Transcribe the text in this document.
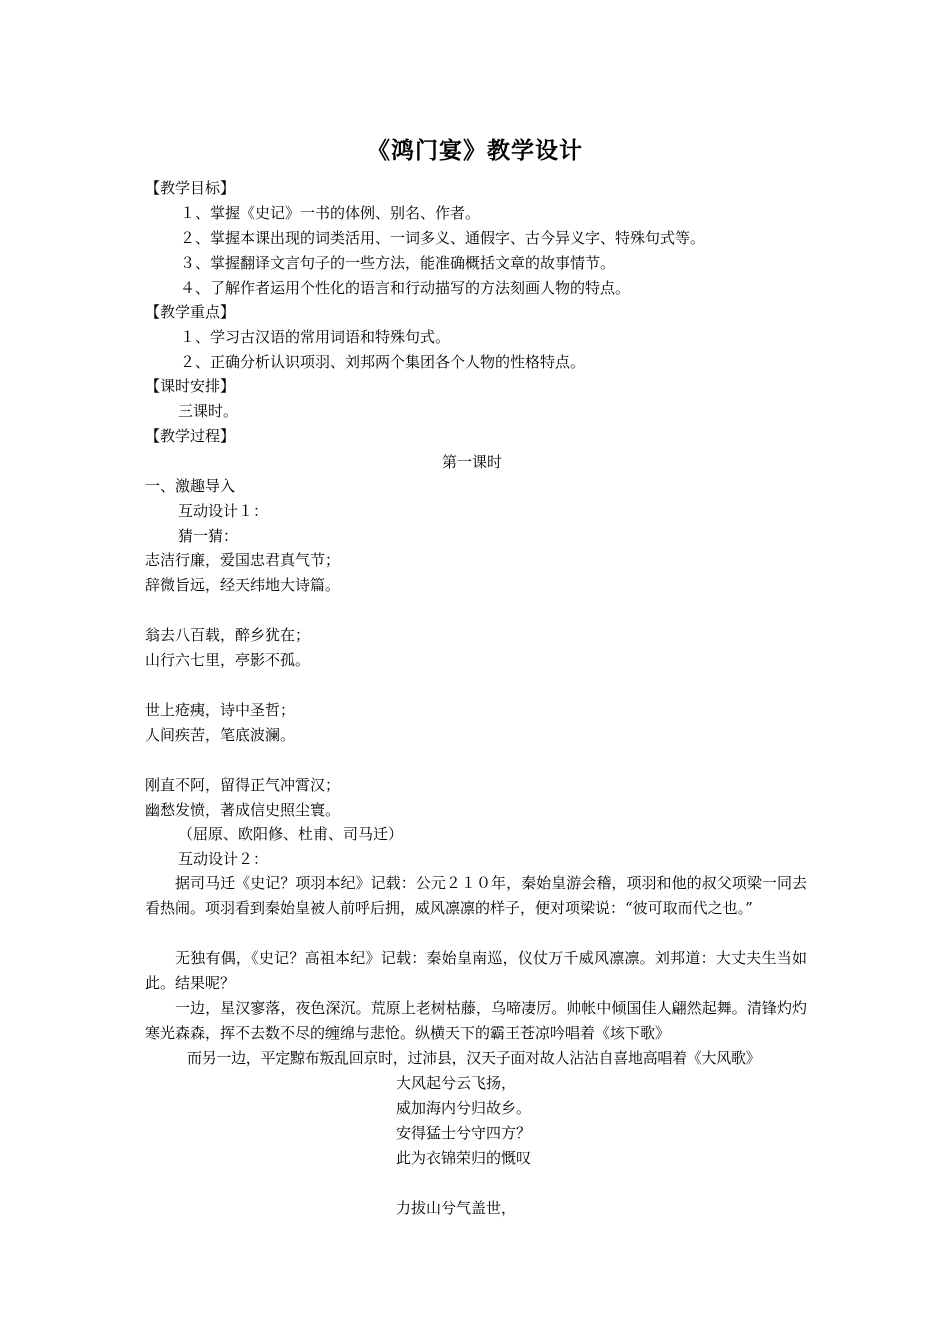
《鸿门宴》教学设计
【教学目标】
１、掌握《史记》一书的体例、别名、作者。
２、掌握本课出现的词类活用、一词多义、通假字、古今异义字、特殊句式等。
３、掌握翻译文言句子的一些方法，能准确概括文章的故事情节。
４、了解作者运用个性化的语言和行动描写的方法刻画人物的特点。
【教学重点】
１、学习古汉语的常用词语和特殊句式。
２、正确分析认识项羽、刘邦两个集团各个人物的性格特点。
【课时安排】
三课时。
【教学过程】
第一课时
一、激趣导入
互动设计１：
猜一猜：
志洁行廉，爱国忠君真气节；
辞微旨远，经天纬地大诗篇。
翁去八百载，醉乡犹在；
山行六七里，亭影不孤。
世上疮痍，诗中圣哲；
人间疾苦，笔底波澜。
刚直不阿，留得正气冲霄汉；
幽愁发愤，著成信史照尘寰。
（屈原、欧阳修、杜甫、司马迁）
互动设计２：
据司马迁《史记？项羽本纪》记载：公元２１０年，秦始皇游会稽，项羽和他的叔父项梁一同去看热闹。项羽看到秦始皇被人前呼后拥，威风凛凛的样子，便对项梁说：“彼可取而代之也。”
无独有偶，《史记？高祖本纪》记载：秦始皇南巡，仪仗万千威风凛凛。刘邦道：大丈夫生当如此。结果呢？
一边，星汉寥落，夜色深沉。荒原上老树枯藤，乌啼凄厉。帅帐中倾国佳人翩然起舞。清锋灼灼寒光森森，挥不去数不尽的缠绵与悲怆。纵横天下的霸王苍凉吟唱着《垓下歌》
而另一边，平定黥布叛乱回京时，过沛县，汉天子面对故人沾沾自喜地高唱着《大风歌》
大风起兮云飞扬，
威加海内兮归故乡。
安得猛士兮守四方？
此为衣锦荣归的慨叹
力拔山兮气盖世，
